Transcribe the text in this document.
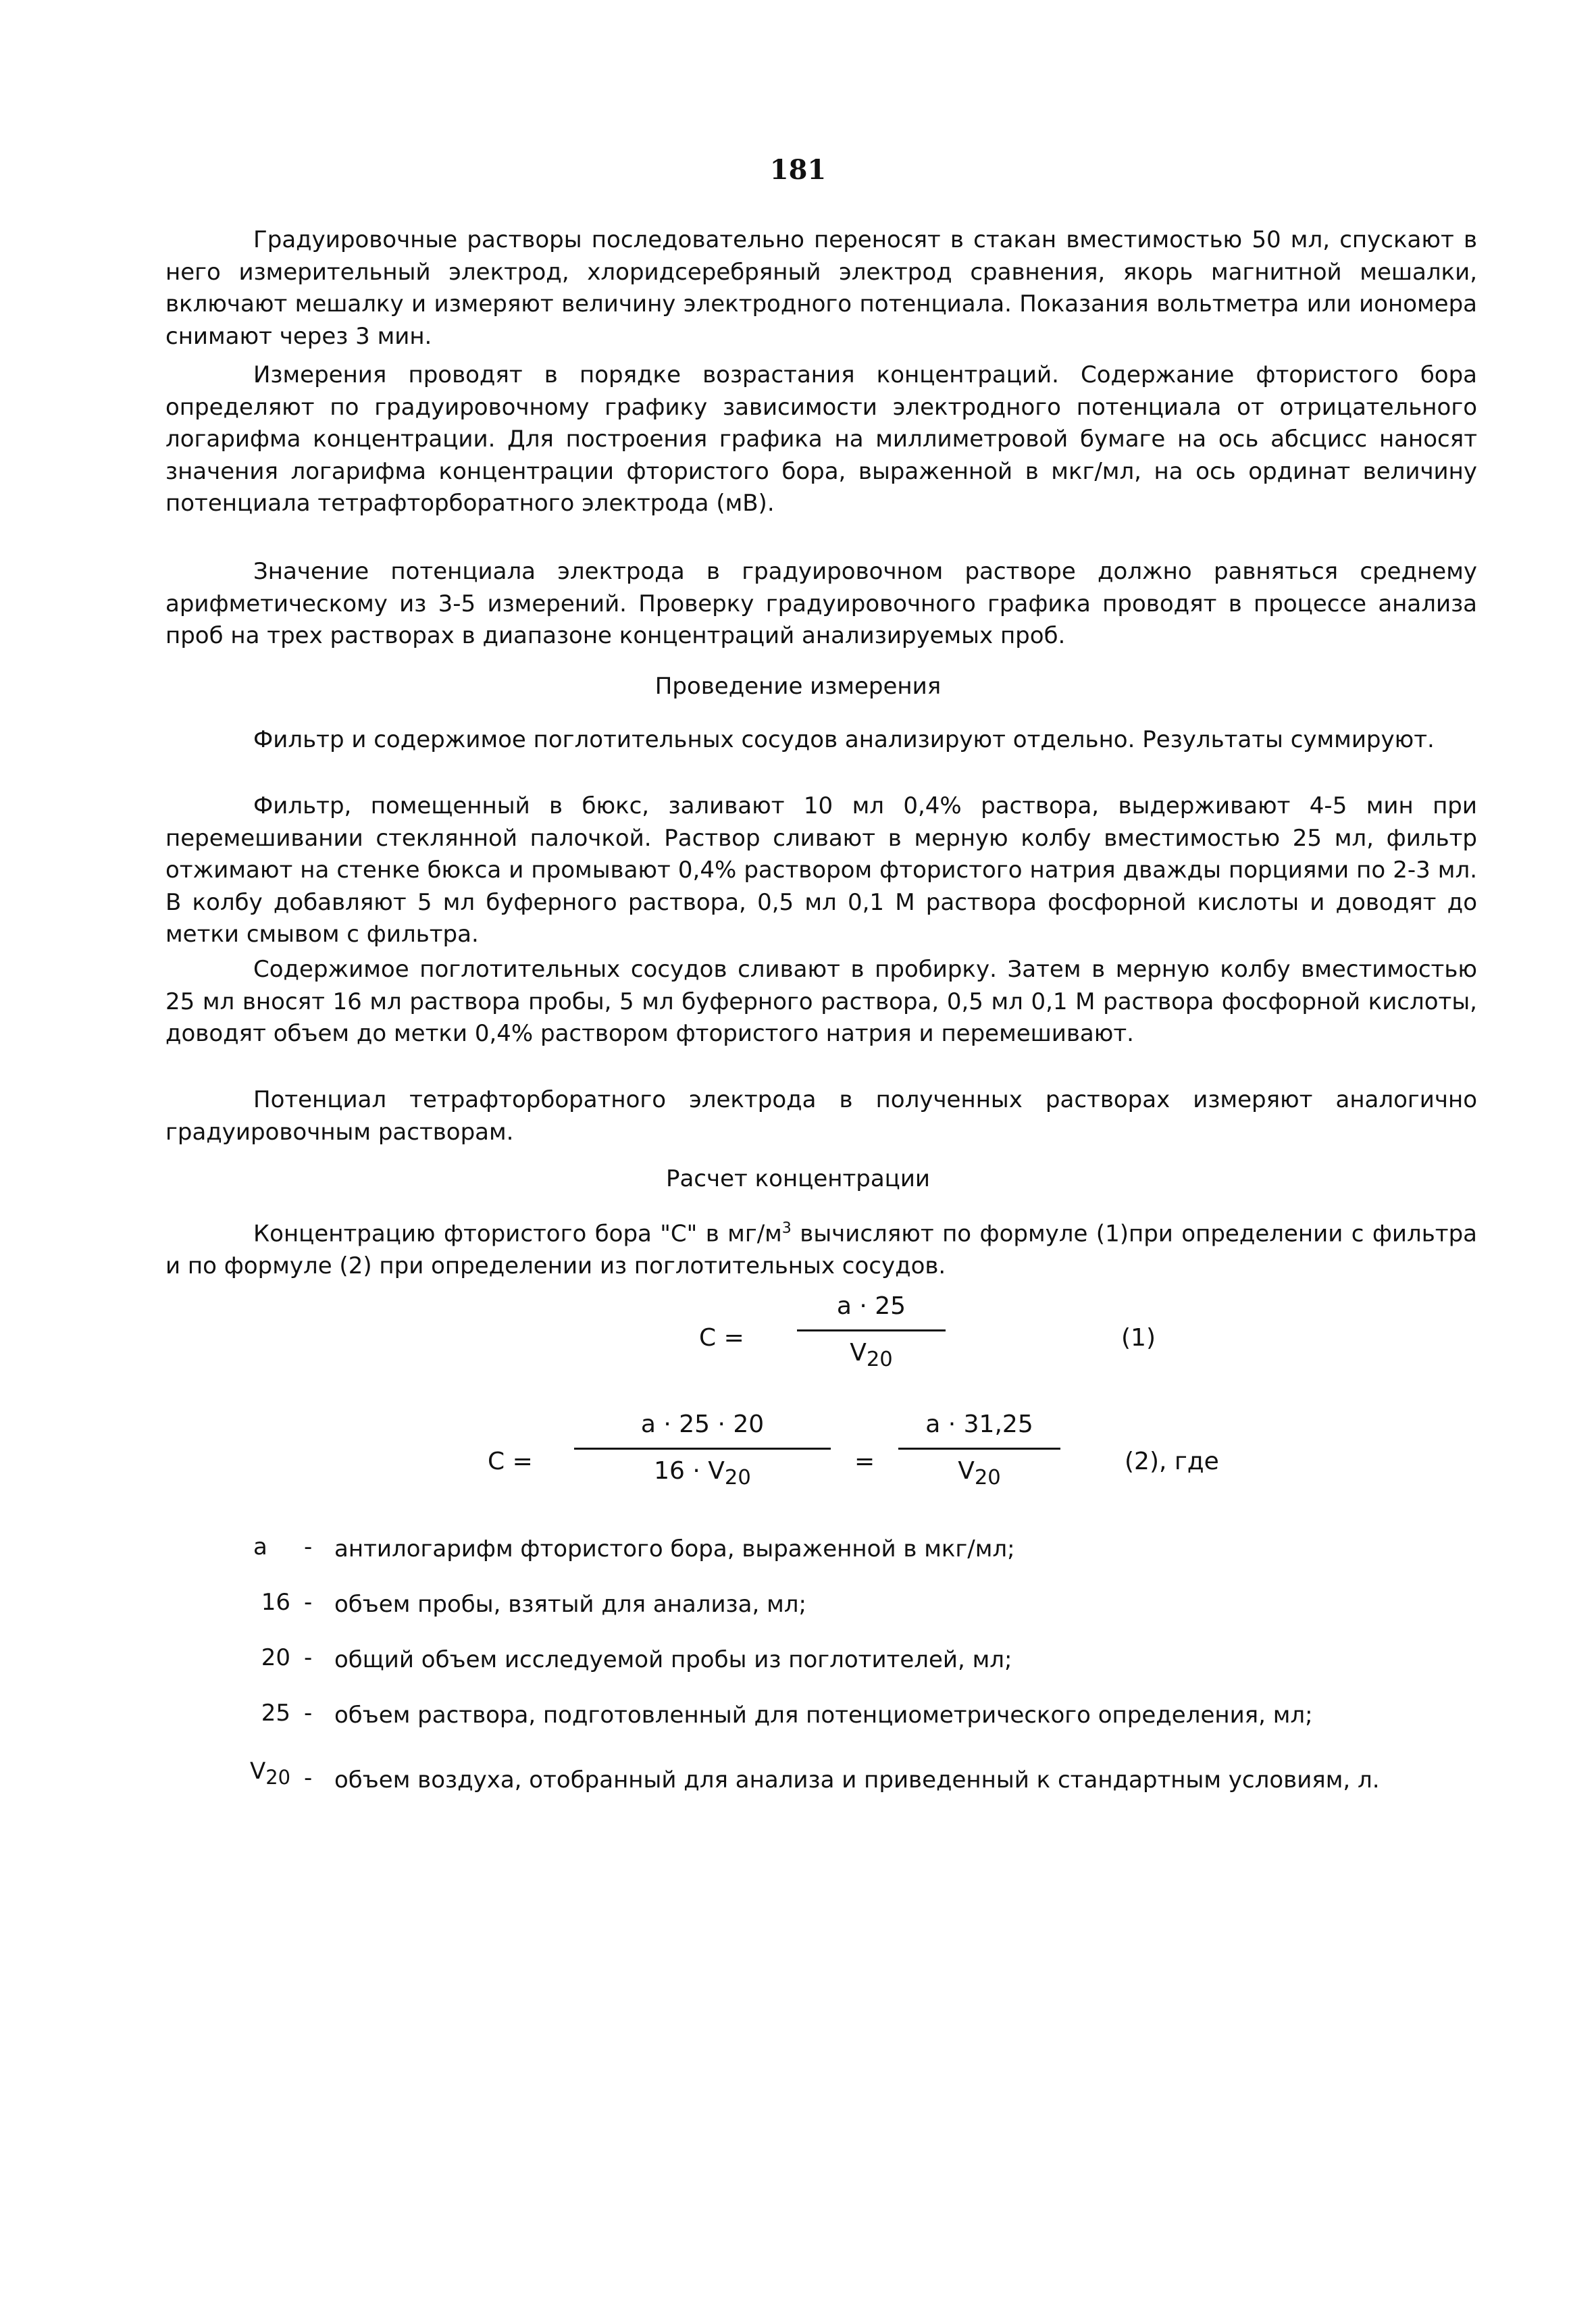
181

Градуировочные растворы последовательно переносят в стакан вместимостью 50 мл, спускают в него измерительный электрод, хлоридсеребряный электрод сравнения, якорь магнитной мешалки, включают мешалку и измеряют величину электродного потенциала. Показания вольтметра или иономера снимают через 3 мин.

Измерения проводят в порядке возрастания концентраций. Содержание фтористого бора определяют по градуировочному графику зависимости электродного потенциала от отрицательного логарифма концентрации. Для построения графика на миллиметровой бумаге на ось абсцисс наносят значения логарифма концентрации фтористого бора, выраженной в мкг/мл, на ось ординат величину потенциала тетрафторборатного электрода (мВ).

Значение потенциала электрода в градуировочном растворе должно равняться среднему арифметическому из 3-5 измерений. Проверку градуировочного графика проводят в процессе анализа проб на трех растворах в диапазоне концентраций анализируемых проб.

Проведение измерения

Фильтр и содержимое поглотительных сосудов анализируют отдельно. Результаты суммируют.

Фильтр, помещенный в бюкс, заливают 10 мл 0,4% раствора, выдерживают 4-5 мин при перемешивании стеклянной палочкой. Раствор сливают в мерную колбу вместимостью 25 мл, фильтр отжимают на стенке бюкса и промывают 0,4% раствором фтористого натрия дважды порциями по 2-3 мл. В колбу добавляют 5 мл буферного раствора, 0,5 мл 0,1 М раствора фосфорной кислоты и доводят до метки смывом с фильтра.

Содержимое поглотительных сосудов сливают в пробирку. Затем в мерную колбу вместимостью 25 мл вносят 16 мл раствора пробы, 5 мл буферного раствора, 0,5 мл 0,1 М раствора фосфорной кислоты, доводят объем до метки 0,4% раствором фтористого натрия и перемешивают.

Потенциал тетрафторборатного электрода в полученных растворах измеряют аналогично градуировочным растворам.

Расчет концентрации

Концентрацию фтористого бора "С" в $мг/м^3$ вычисляют по формуле (1)при определении с фильтра и по формуле (2) при определении из поглотительных сосудов.

$C = \frac{a \cdot 25}{V_{20}}$	(1)
$C = \frac{a \cdot 25 \cdot 20}{16 \cdot V_{20}} = \frac{a \cdot 31,25}{V_{20}}$	(2), где
a	- антилогарифм фтористого бора, выраженной в мкг/мл;
16 - объем пробы, взятый для анализа, мл;
20 - общий объем исследуемой пробы из поглотителей, мл;
25 - объем раствора, подготовленный для потенциометрического определения, мл;
$V_{20}$ - объем воздуха, отобранный для анализа и приведенный к стандартным условиям, л.
